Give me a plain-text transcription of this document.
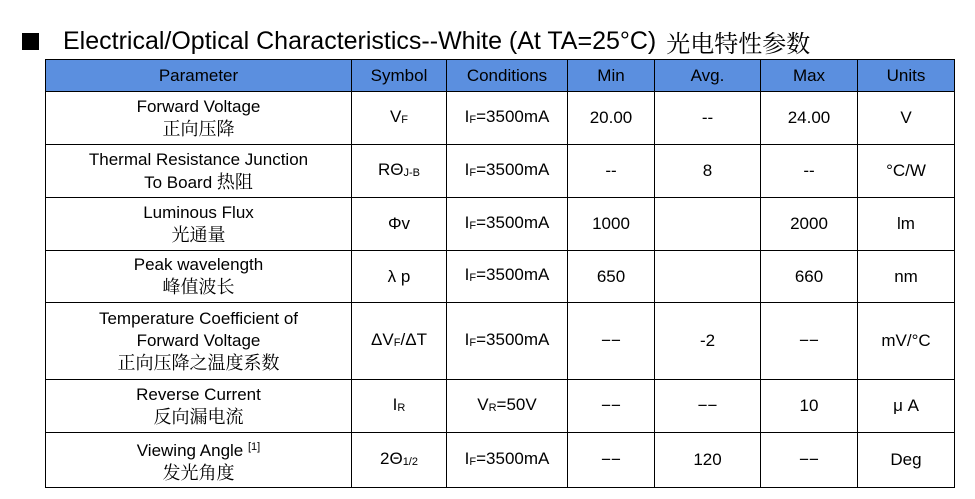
Electrical/Optical Characteristics--White (At TA=25°C) 光电特性参数
Parameter	Symbol	Conditions	Min	Avg.	Max	Units

Forward Voltage
正向压降	VF	IF=3500mA	20.00	--	24.00	V

Thermal Resistance Junction
To Board 热阻	RΘJ-B	IF=3500mA	--	8	--	°C/W

Luminous Flux
光通量	Φv	IF=3500mA	1000		2000	lm

Peak wavelength
峰值波长	λ p	IF=3500mA	650		660	nm

Temperature Coefficient of
Forward Voltage
正向压降之温度系数	ΔVF/ΔT	IF=3500mA	−−	-2	−−	mV/°C

Reverse Current
反向漏电流	IR	VR=50V	−−	−−	10	μ A

Viewing Angle [1]
发光角度	2Θ1/2	IF=3500mA	−−	120	−−	Deg
